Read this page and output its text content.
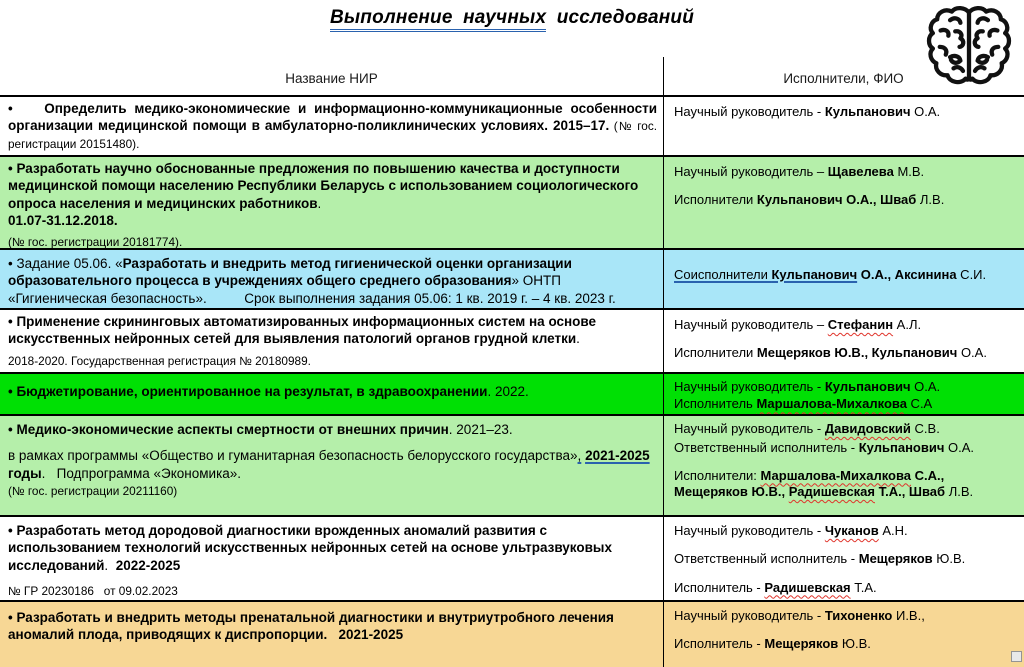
Выполнение научных исследований
Название НИР	Исполнители, ФИО

•    Определить медико-экономические и информационно-коммуникационные особенности организации медицинской помощи в амбулаторно-поликлинических условиях. 2015–17. (№ гос. регистрации 20151480).

Научный руководитель - Кульпанович О.А.

• Разработать научно обоснованные предложения по повышению качества и доступности медицинской помощи населению Республики Беларусь с использованием социологического опроса населения и медицинских работников.

01.07-31.12.2018.

(№ гос. регистрации 20181774).

Научный руководитель – Щавелева М.В.

Исполнители Кульпанович О.А., Шваб Л.В.

• Задание 05.06. «Разработать и внедрить метод гигиенической оценки организации образовательного процесса в учреждениях общего среднего образования» ОНТП «Гигиеническая безопасность».          Срок выполнения задания 05.06: 1 кв. 2019 г. – 4 кв. 2023 г.

Соисполнители Кульпанович О.А., Аксинина С.И.

• Применение скрининговых автоматизированных информационных систем на основе искусственных нейронных сетей для выявления патологий органов грудной клетки.

2018-2020. Государственная регистрация № 20180989.

Научный руководитель – Стефанин А.Л.

Исполнители Мещеряков Ю.В., Кульпанович О.А.

• Бюджетирование, ориентированное на результат, в здравоохранении. 2022.	Научный руководитель - Кульпанович О.А.

Исполнитель Маршалова-Михалкова С.А

• Медико-экономические аспекты смертности от внешних причин. 2021–23.

в рамках программы «Общество и гуманитарная безопасность белорусского государства», 2021-2025 годы.   Подпрограмма «Экономика».

(№ гос. регистрации 20211160)

Научный руководитель - Давидовский С.В.

Ответственный исполнитель - Кульпанович О.А.

Исполнители: Маршалова-Михалкова С.А., Мещеряков Ю.В., Радишевская Т.А., Шваб Л.В.

• Разработать метод дородовой диагностики врожденных аномалий развития с использованием технологий искусственных нейронных сетей на основе ультразвуковых исследований.  2022-2025

№ ГР 20230186   от 09.02.2023

Научный руководитель - Чуканов А.Н.

Ответственный исполнитель - Мещеряков Ю.В.

Исполнитель - Радишевская Т.А.

• Разработать и внедрить методы пренатальной диагностики и внутриутробного лечения аномалий плода, приводящих к диспропорции.   2021-2025

Научный руководитель - Тихоненко И.В.,

Исполнитель - Мещеряков Ю.В.
